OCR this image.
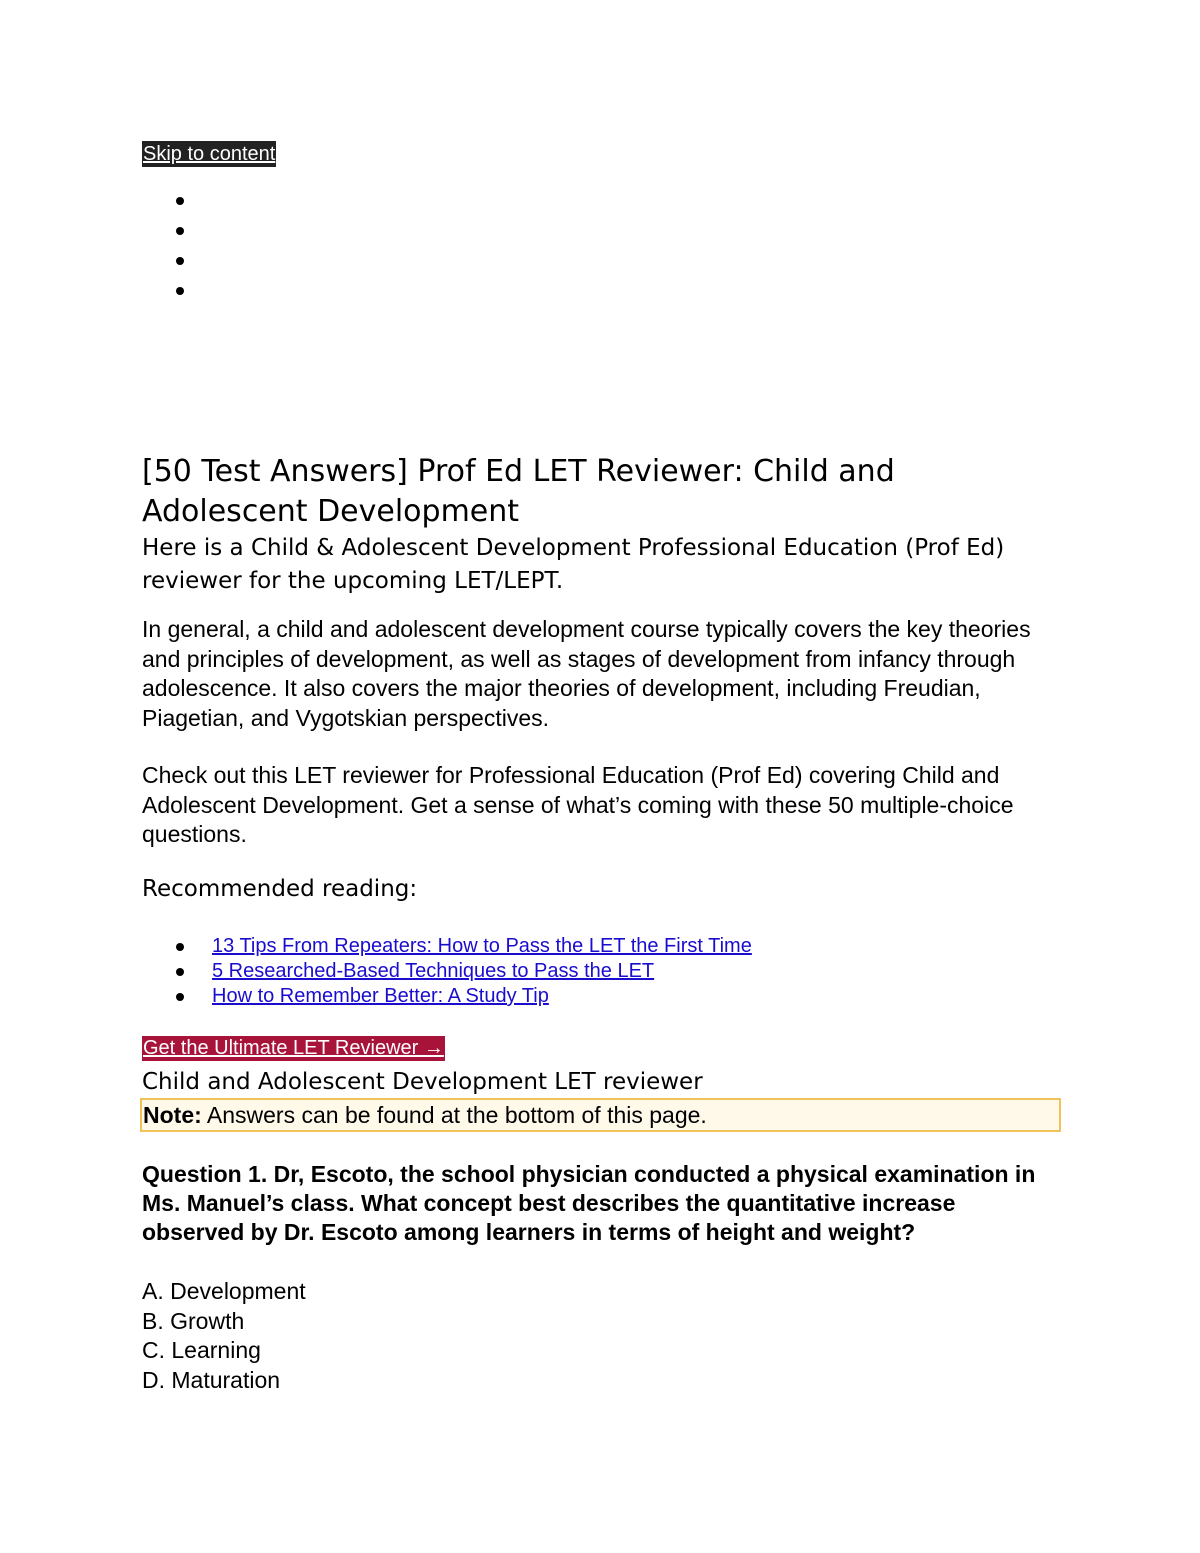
Skip to content
[50 Test Answers] Prof Ed LET Reviewer: Child and Adolescent Development
Here is a Child & Adolescent Development Professional Education (Prof Ed) reviewer for the upcoming LET/LEPT.

In general, a child and adolescent development course typically covers the key theories and principles of development, as well as stages of development from infancy through adolescence. It also covers the major theories of development, including Freudian, Piagetian, and Vygotskian perspectives.

Check out this LET reviewer for Professional Education (Prof Ed) covering Child and Adolescent Development. Get a sense of what’s coming with these 50 multiple-choice questions.

Recommended reading:
13 Tips From Repeaters: How to Pass the LET the First Time
5 Researched-Based Techniques to Pass the LET
How to Remember Better: A Study Tip
Get the Ultimate LET Reviewer →
Child and Adolescent Development LET reviewer
Note: Answers can be found at the bottom of this page.

Question 1. Dr, Escoto, the school physician conducted a physical examination in Ms. Manuel’s class. What concept best describes the quantitative increase observed by Dr. Escoto among learners in terms of height and weight?

A. Development
B. Growth
C. Learning
D. Maturation
